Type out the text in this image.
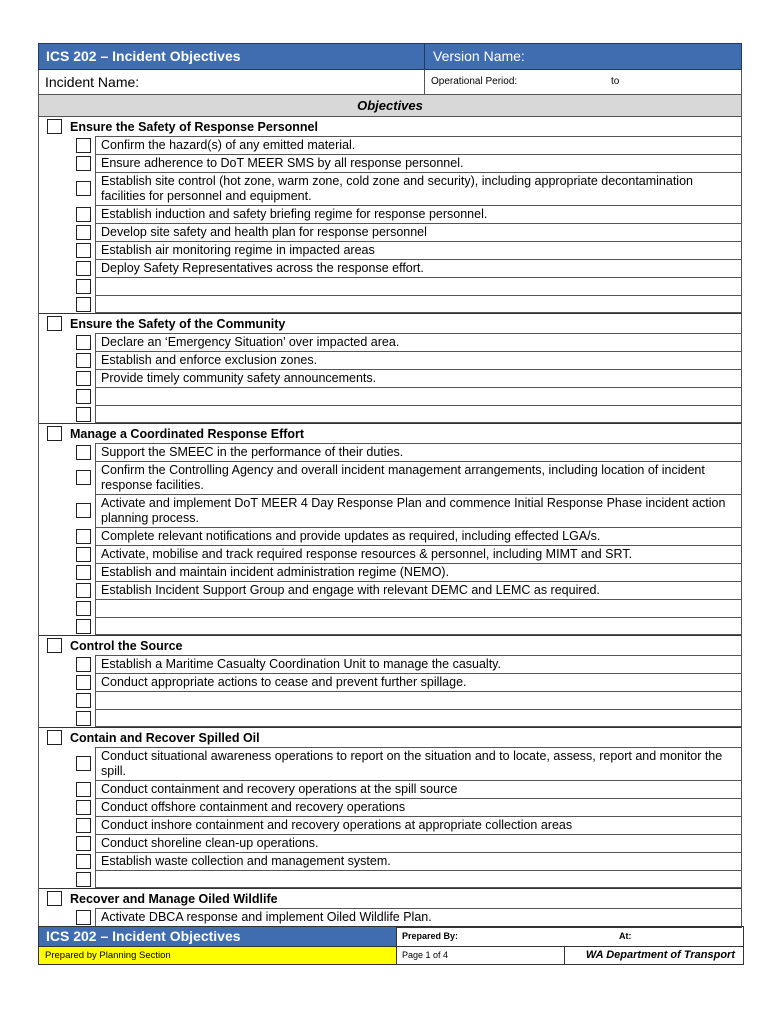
ICS 202 – Incident Objectives	Version Name:
Incident Name:	Operational Period:	to
Objectives
Ensure the Safety of Response Personnel
Confirm the hazard(s) of any emitted material.
Ensure adherence to DoT MEER SMS by all response personnel.
Establish site control (hot zone, warm zone, cold zone and security), including appropriate decontamination facilities for personnel and equipment.
Establish induction and safety briefing regime for response personnel.
Develop site safety and health plan for response personnel
Establish air monitoring regime in impacted areas
Deploy Safety Representatives across the response effort.
Ensure the Safety of the Community
Declare an ‘Emergency Situation’ over impacted area.
Establish and enforce exclusion zones.
Provide timely community safety announcements.
Manage a Coordinated Response Effort
Support the SMEEC in the performance of their duties.
Confirm the Controlling Agency and overall incident management arrangements, including location of incident response facilities.
Activate and implement DoT MEER 4 Day Response Plan and commence Initial Response Phase incident action planning process.
Complete relevant notifications and provide updates as required, including effected LGA/s.
Activate, mobilise and track required response resources & personnel, including MIMT and SRT.
Establish and maintain incident administration regime (NEMO).
Establish Incident Support Group and engage with relevant DEMC and LEMC as required.
Control the Source
Establish a Maritime Casualty Coordination Unit to manage the casualty.
Conduct appropriate actions to cease and prevent further spillage.
Contain and Recover Spilled Oil
Conduct situational awareness operations to report on the situation and to locate, assess, report and monitor the spill.
Conduct containment and recovery operations at the spill source
Conduct offshore containment and recovery operations
Conduct inshore containment and recovery operations at appropriate collection areas
Conduct shoreline clean-up operations.
Establish waste collection and management system.
Recover and Manage Oiled Wildlife
Activate DBCA response and implement Oiled Wildlife Plan.
ICS 202 – Incident Objectives	Prepared By:	At:
Prepared by Planning Section	Page 1 of 4	WA Department of Transport
